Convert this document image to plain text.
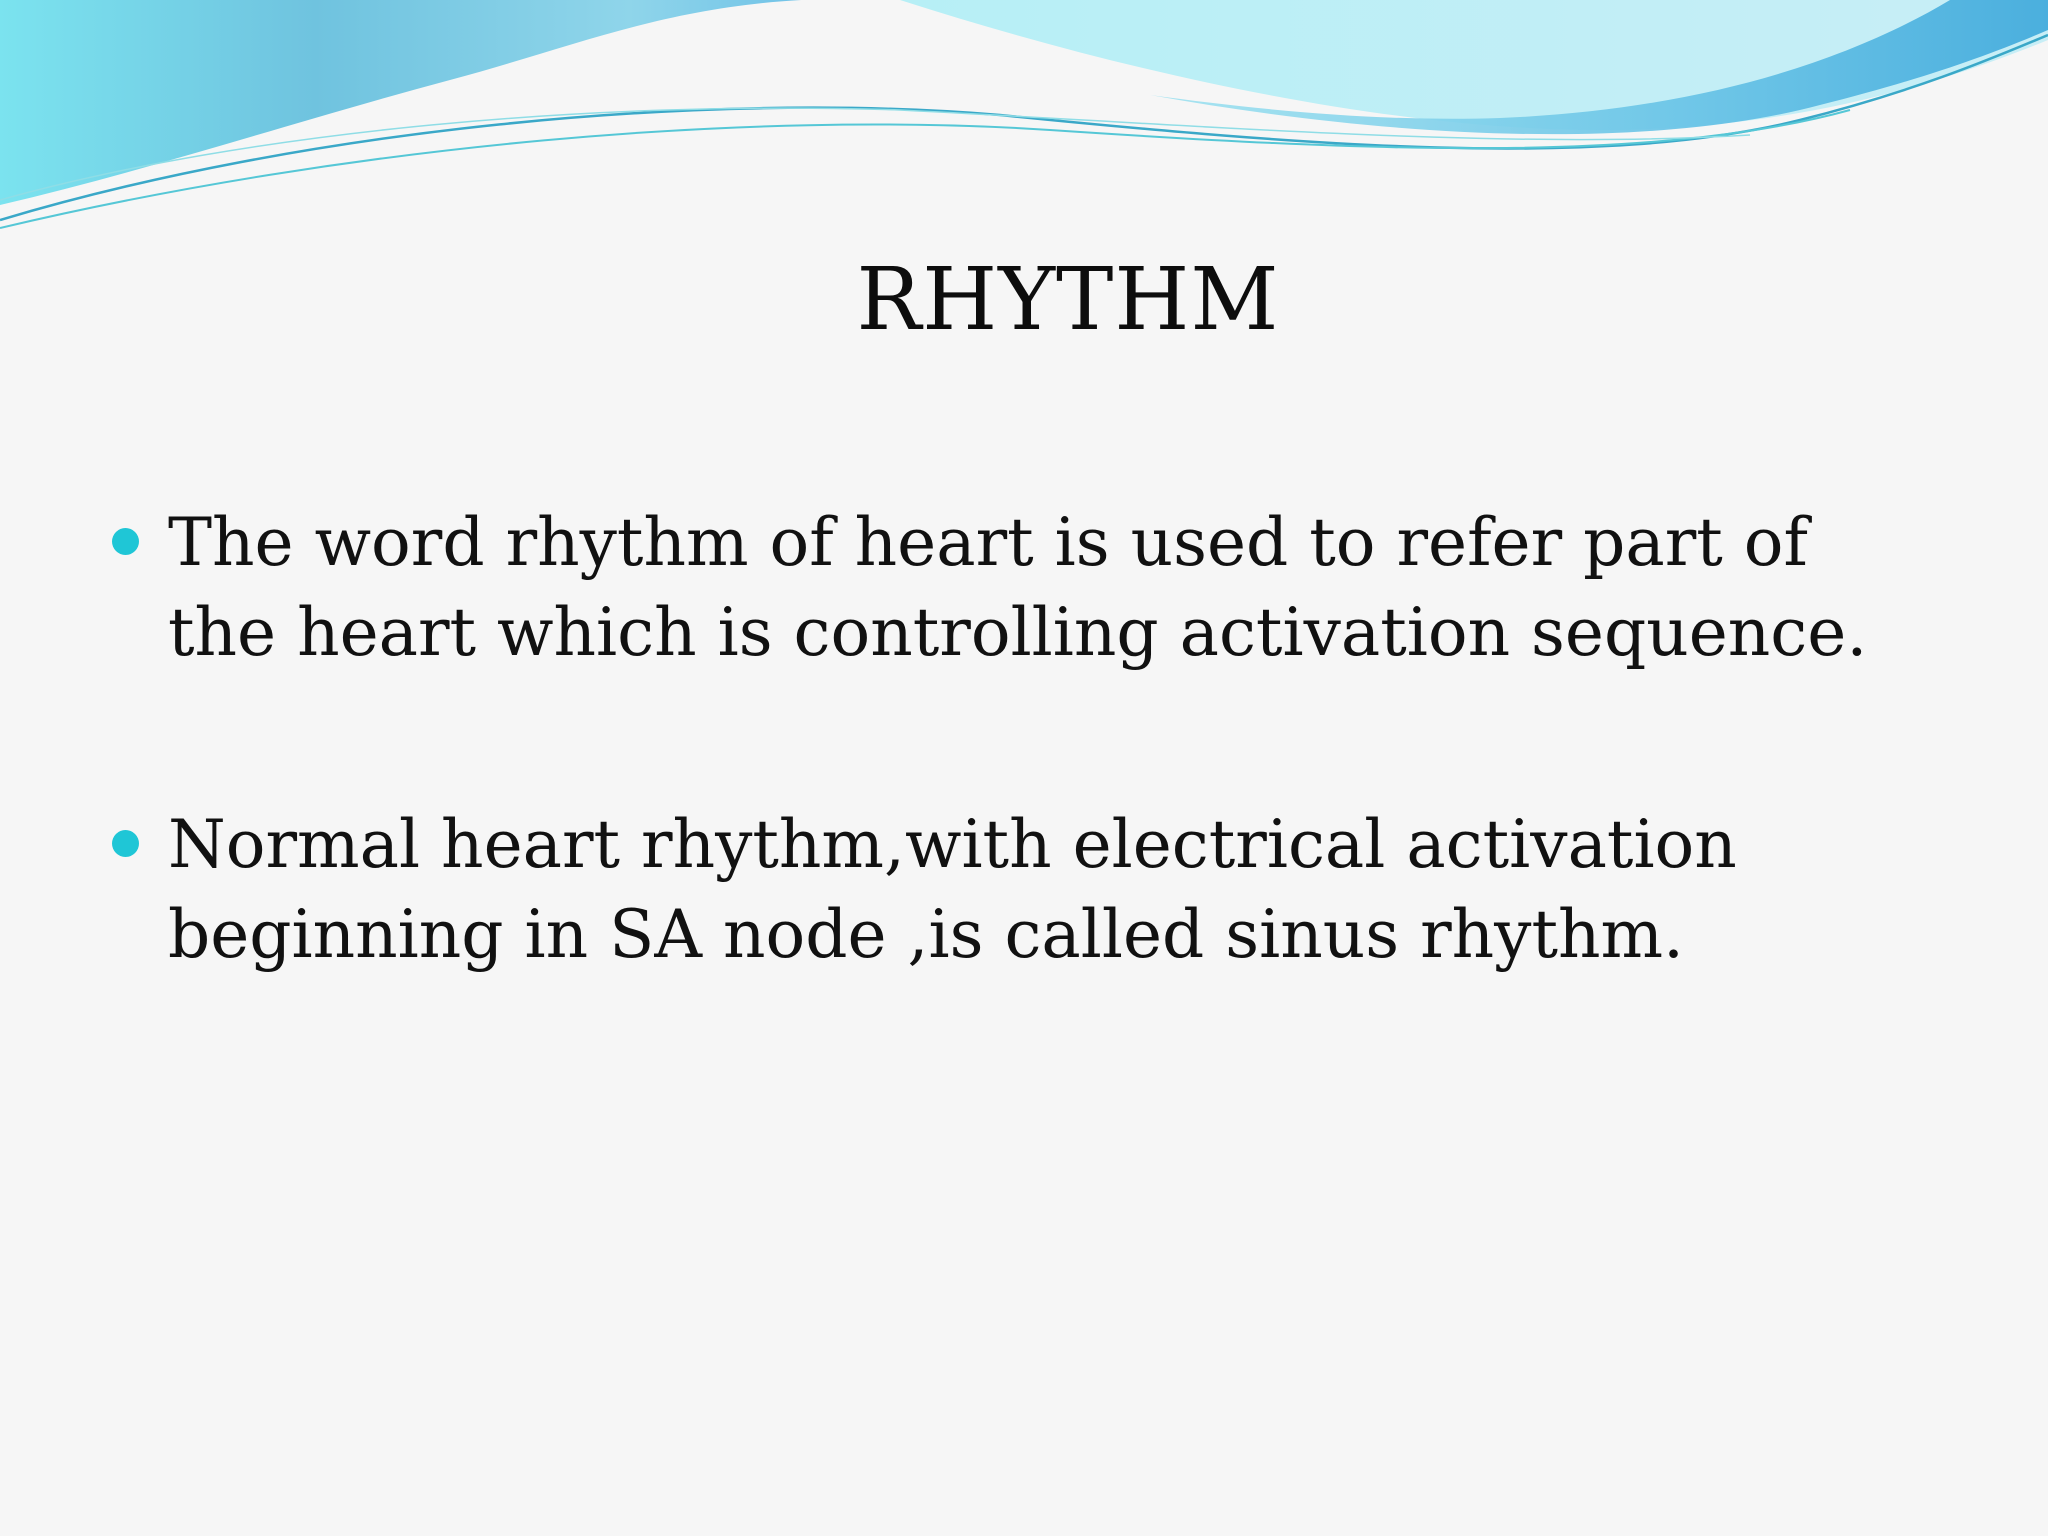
RHYTHM
The word rhythm of heart is used to refer part of the heart which is controlling activation sequence.
Normal heart rhythm,with electrical activation beginning in SA node ,is called sinus rhythm.
